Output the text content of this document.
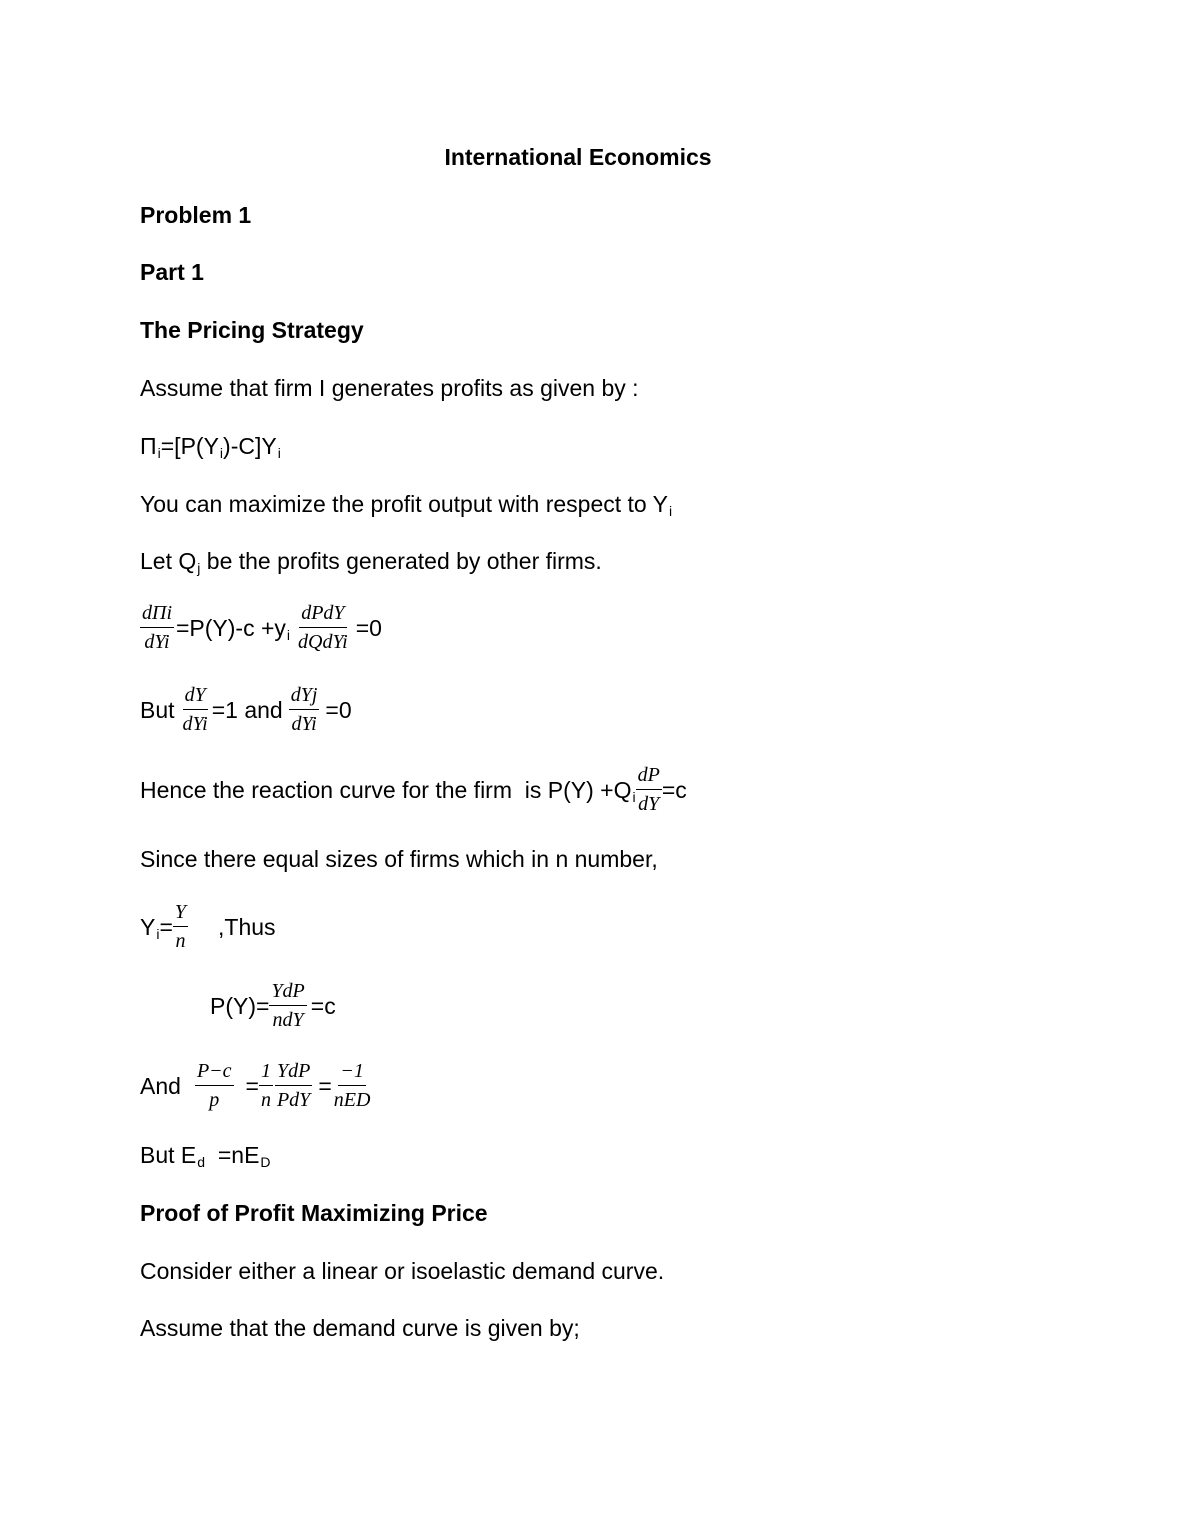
International Economics
Problem 1
Part 1
The Pricing Strategy
Assume that firm I generates profits as given by :
Π i =[P(Y i )-C]Y i
You can maximize the profit output with respect to Y i
Let Q j be the profits generated by other firms.
$\frac{\text{dΠi}}{\text{dYi}} =P(Y)-c +y$ i $\frac{\text{dPdY}}{\text{dQdYi}} =0$
But $\frac{dY}{\text{dYi}} =1$ and $\frac{\text{dYj}}{\text{dYi}} =0$
Hence the reaction curve for the firm  is P(Y) +Q i $\frac{dP}{dY} =c$
Since there equal sizes of firms which in n number,
Y $i = \frac{Y}{n}$ ,Thus
$P(Y)= \frac{\text{YdP}}{\text{ndY}} =c$
And $\frac{P-c}{p} = \frac{1}{n} \frac{\text{YdP}}{\text{PdY}} = \frac{-1}{\text{nED}}$
But E d =nE D
Proof of Profit Maximizing Price
Consider either a linear or isoelastic demand curve.
Assume that the demand curve is given by;
